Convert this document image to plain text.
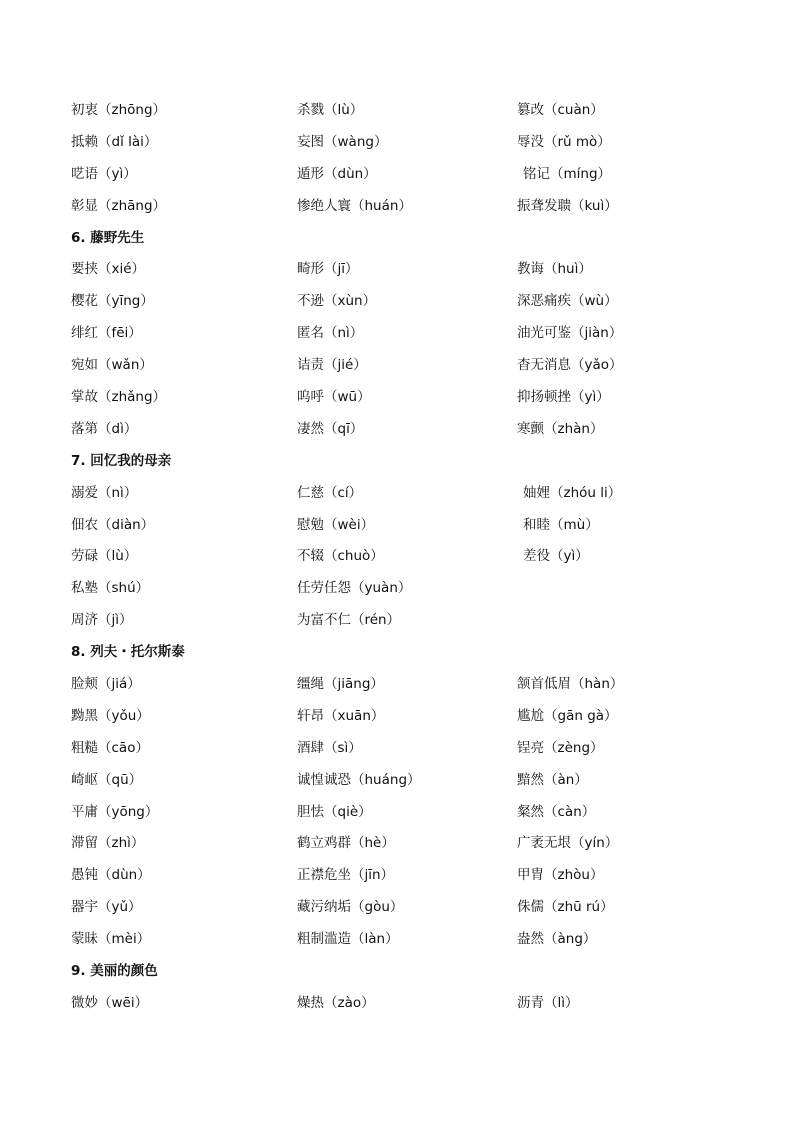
初衷（zhōng）	杀戮（lù）	篡改（cuàn）
抵赖（dǐ lài）	妄图（wàng）	辱没（rǔ mò）
呓语（yì）	遁形（dùn）	铭记（míng）
彰显（zhāng）	惨绝人寰（huán）	振聋发聩（kuì）
6. 藤野先生
要挟（xié）	畸形（jī）	教诲（huì）
樱花（yīng）	不逊（xùn）	深恶痛疾（wù）
绯红（fēi）	匿名（nì）	油光可鉴（jiàn）
宛如（wǎn）	诘责（jié）	杳无消息（yǎo）
掌故（zhǎng）	呜呼（wū）	抑扬顿挫（yì）
落第（dì）	凄然（qī）	寒颤（zhàn）
7. 回忆我的母亲
溺爱（nì）	仁慈（cí）	妯娌（zhóu li）
佃农（diàn）	慰勉（wèi）	和睦（mù）
劳碌（lù）	不辍（chuò）	差役（yì）
私塾（shú）	任劳任怨（yuàn）
周济（jì）	为富不仁（rén）
8. 列夫・托尔斯泰
脸颊（jiá）	缰绳（jiāng）	颔首低眉（hàn）
黝黑（yǒu）	轩昂（xuān）	尴尬（gān gà）
粗糙（cāo）	酒肆（sì）	锃亮（zèng）
崎岖（qū）	诚惶诚恐（huáng）	黯然（àn）
平庸（yōng）	胆怯（qiè）	粲然（càn）
滞留（zhì）	鹤立鸡群（hè）	广袤无垠（yín）
愚钝（dùn）	正襟危坐（jīn）	甲胄（zhòu）
器宇（yǔ）	藏污纳垢（gòu）	侏儒（zhū rú）
蒙昧（mèi）	粗制滥造（làn）	盎然（àng）
9. 美丽的颜色
微妙（wēi）	燥热（zào）	沥青（lì）
